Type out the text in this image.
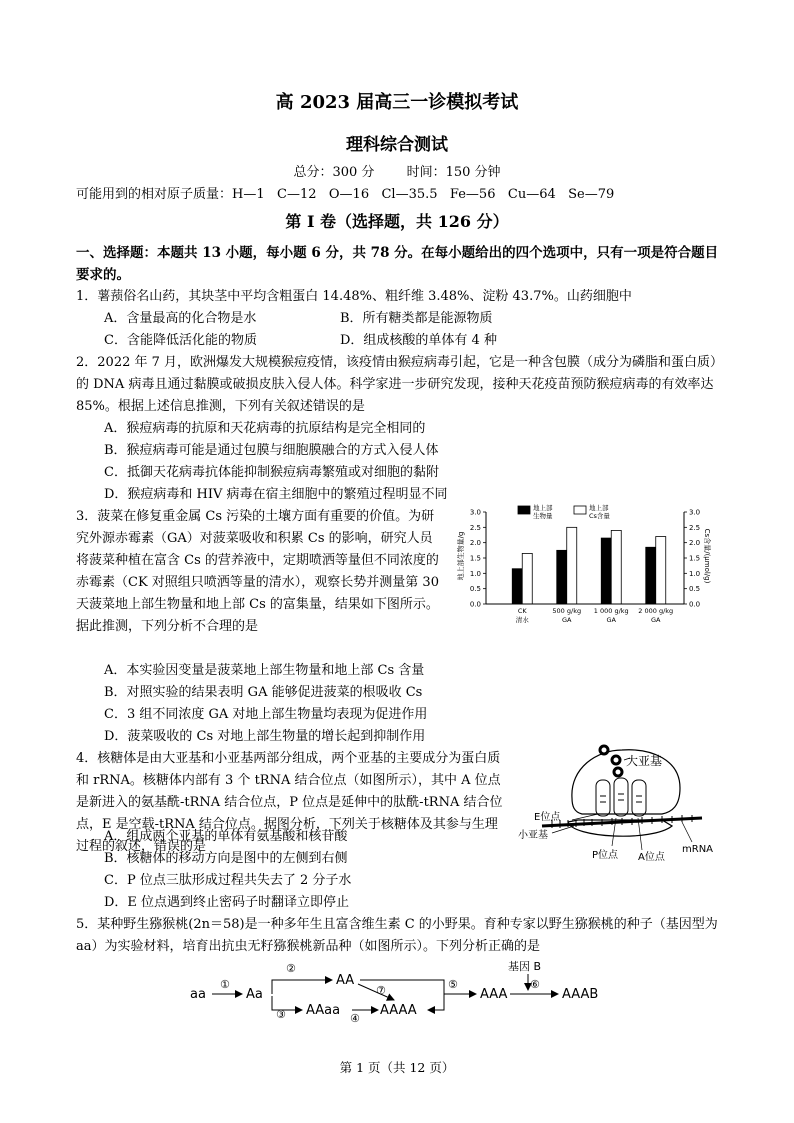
高 2023 届高三一诊模拟考试
理科综合测试
总分：300 分 时间：150 分钟
可能用到的相对原子质量：H—1   C—12   O—16   Cl—35.5   Fe—56   Cu—64   Se—79
第 I 卷（选择题，共 126 分）
一、选择题：本题共 13 小题，每小题 6 分，共 78 分。在每小题给出的四个选项中，只有一项是符合题目要求的。
1．薯蓣俗名山药，其块茎中平均含粗蛋白 14.48%、粗纤维 3.48%、淀粉 43.7%。山药细胞中
A．含量最高的化合物是水	B．所有糖类都是能源物质
C．含能降低活化能的物质	D．组成核酸的单体有 4 种
2．2022 年 7 月，欧洲爆发大规模猴痘疫情，该疫情由猴痘病毒引起，它是一种含包膜（成分为磷脂和蛋白质）的 DNA 病毒且通过黏膜或破损皮肤入侵人体。科学家进一步研究发现，接种天花疫苗预防猴痘病毒的有效率达 85%。根据上述信息推测，下列有关叙述错误的是
A．猴痘病毒的抗原和天花病毒的抗原结构是完全相同的
B．猴痘病毒可能是通过包膜与细胞膜融合的方式入侵人体
C．抵御天花病毒抗体能抑制猴痘病毒繁殖或对细胞的黏附
D．猴痘病毒和 HIV 病毒在宿主细胞中的繁殖过程明显不同
3．菠菜在修复重金属 Cs 污染的土壤方面有重要的价值。为研究外源赤霉素（GA）对菠菜吸收和积累 Cs 的影响，研究人员将菠菜种植在富含 Cs 的营养液中，定期喷洒等量但不同浓度的赤霉素（CK 对照组只喷洒等量的清水），观察长势并测量第 30 天菠菜地上部生物量和地上部 Cs 的富集量，结果如下图所示。据此推测，下列分析不合理的是
A．本实验因变量是菠菜地上部生物量和地上部 Cs 含量
B．对照实验的结果表明 GA 能够促进菠菜的根吸收 Cs
C．3 组不同浓度 GA 对地上部生物量均表现为促进作用
D．菠菜吸收的 Cs 对地上部生物量的增长起到抑制作用
0.0	0.0
0.5	0.5
1.0	1.0
1.5	1.5
2.0	2.0
2.5	2.5
3.0	3.0
CK
清水
500 g/kg
GA
1 000 g/kg
GA
2 000 g/kg
GA
地上部
生物量
地上部
Cs含量
地上部生物量/g	Cs含量/(μmol/g)
4．核糖体是由大亚基和小亚基两部分组成，两个亚基的主要成分为蛋白质和 rRNA。核糖体内部有 3 个 tRNA 结合位点（如图所示），其中 A 位点是新进入的氨基酰-tRNA 结合位点，P 位点是延伸中的肽酰-tRNA 结合位点，E 是空载-tRNA 结合位点。据图分析，下列关于核糖体及其参与生理过程的叙述，错误的是
A．组成两个亚基的单体有氨基酸和核苷酸
B．核糖体的移动方向是图中的左侧到右侧
C．P 位点三肽形成过程共失去了 2 分子水
D．E 位点遇到终止密码子时翻译立即停止
大亚基
E位点
小亚基
P位点 A位点
mRNA
5．某种野生猕猴桃(2n＝58)是一种多年生且富含维生素 C 的小野果。育种专家以野生猕猴桃的种子（基因型为 aa）为实验材料，培育出抗虫无籽猕猴桃新品种（如图所示）。下列分析正确的是
aa	Aa
AA
AAaa	AAAA
AAA	AAAB
基因 B
①
②
③	④
⑤	⑥
⑦
第 1 页（共 12 页）
